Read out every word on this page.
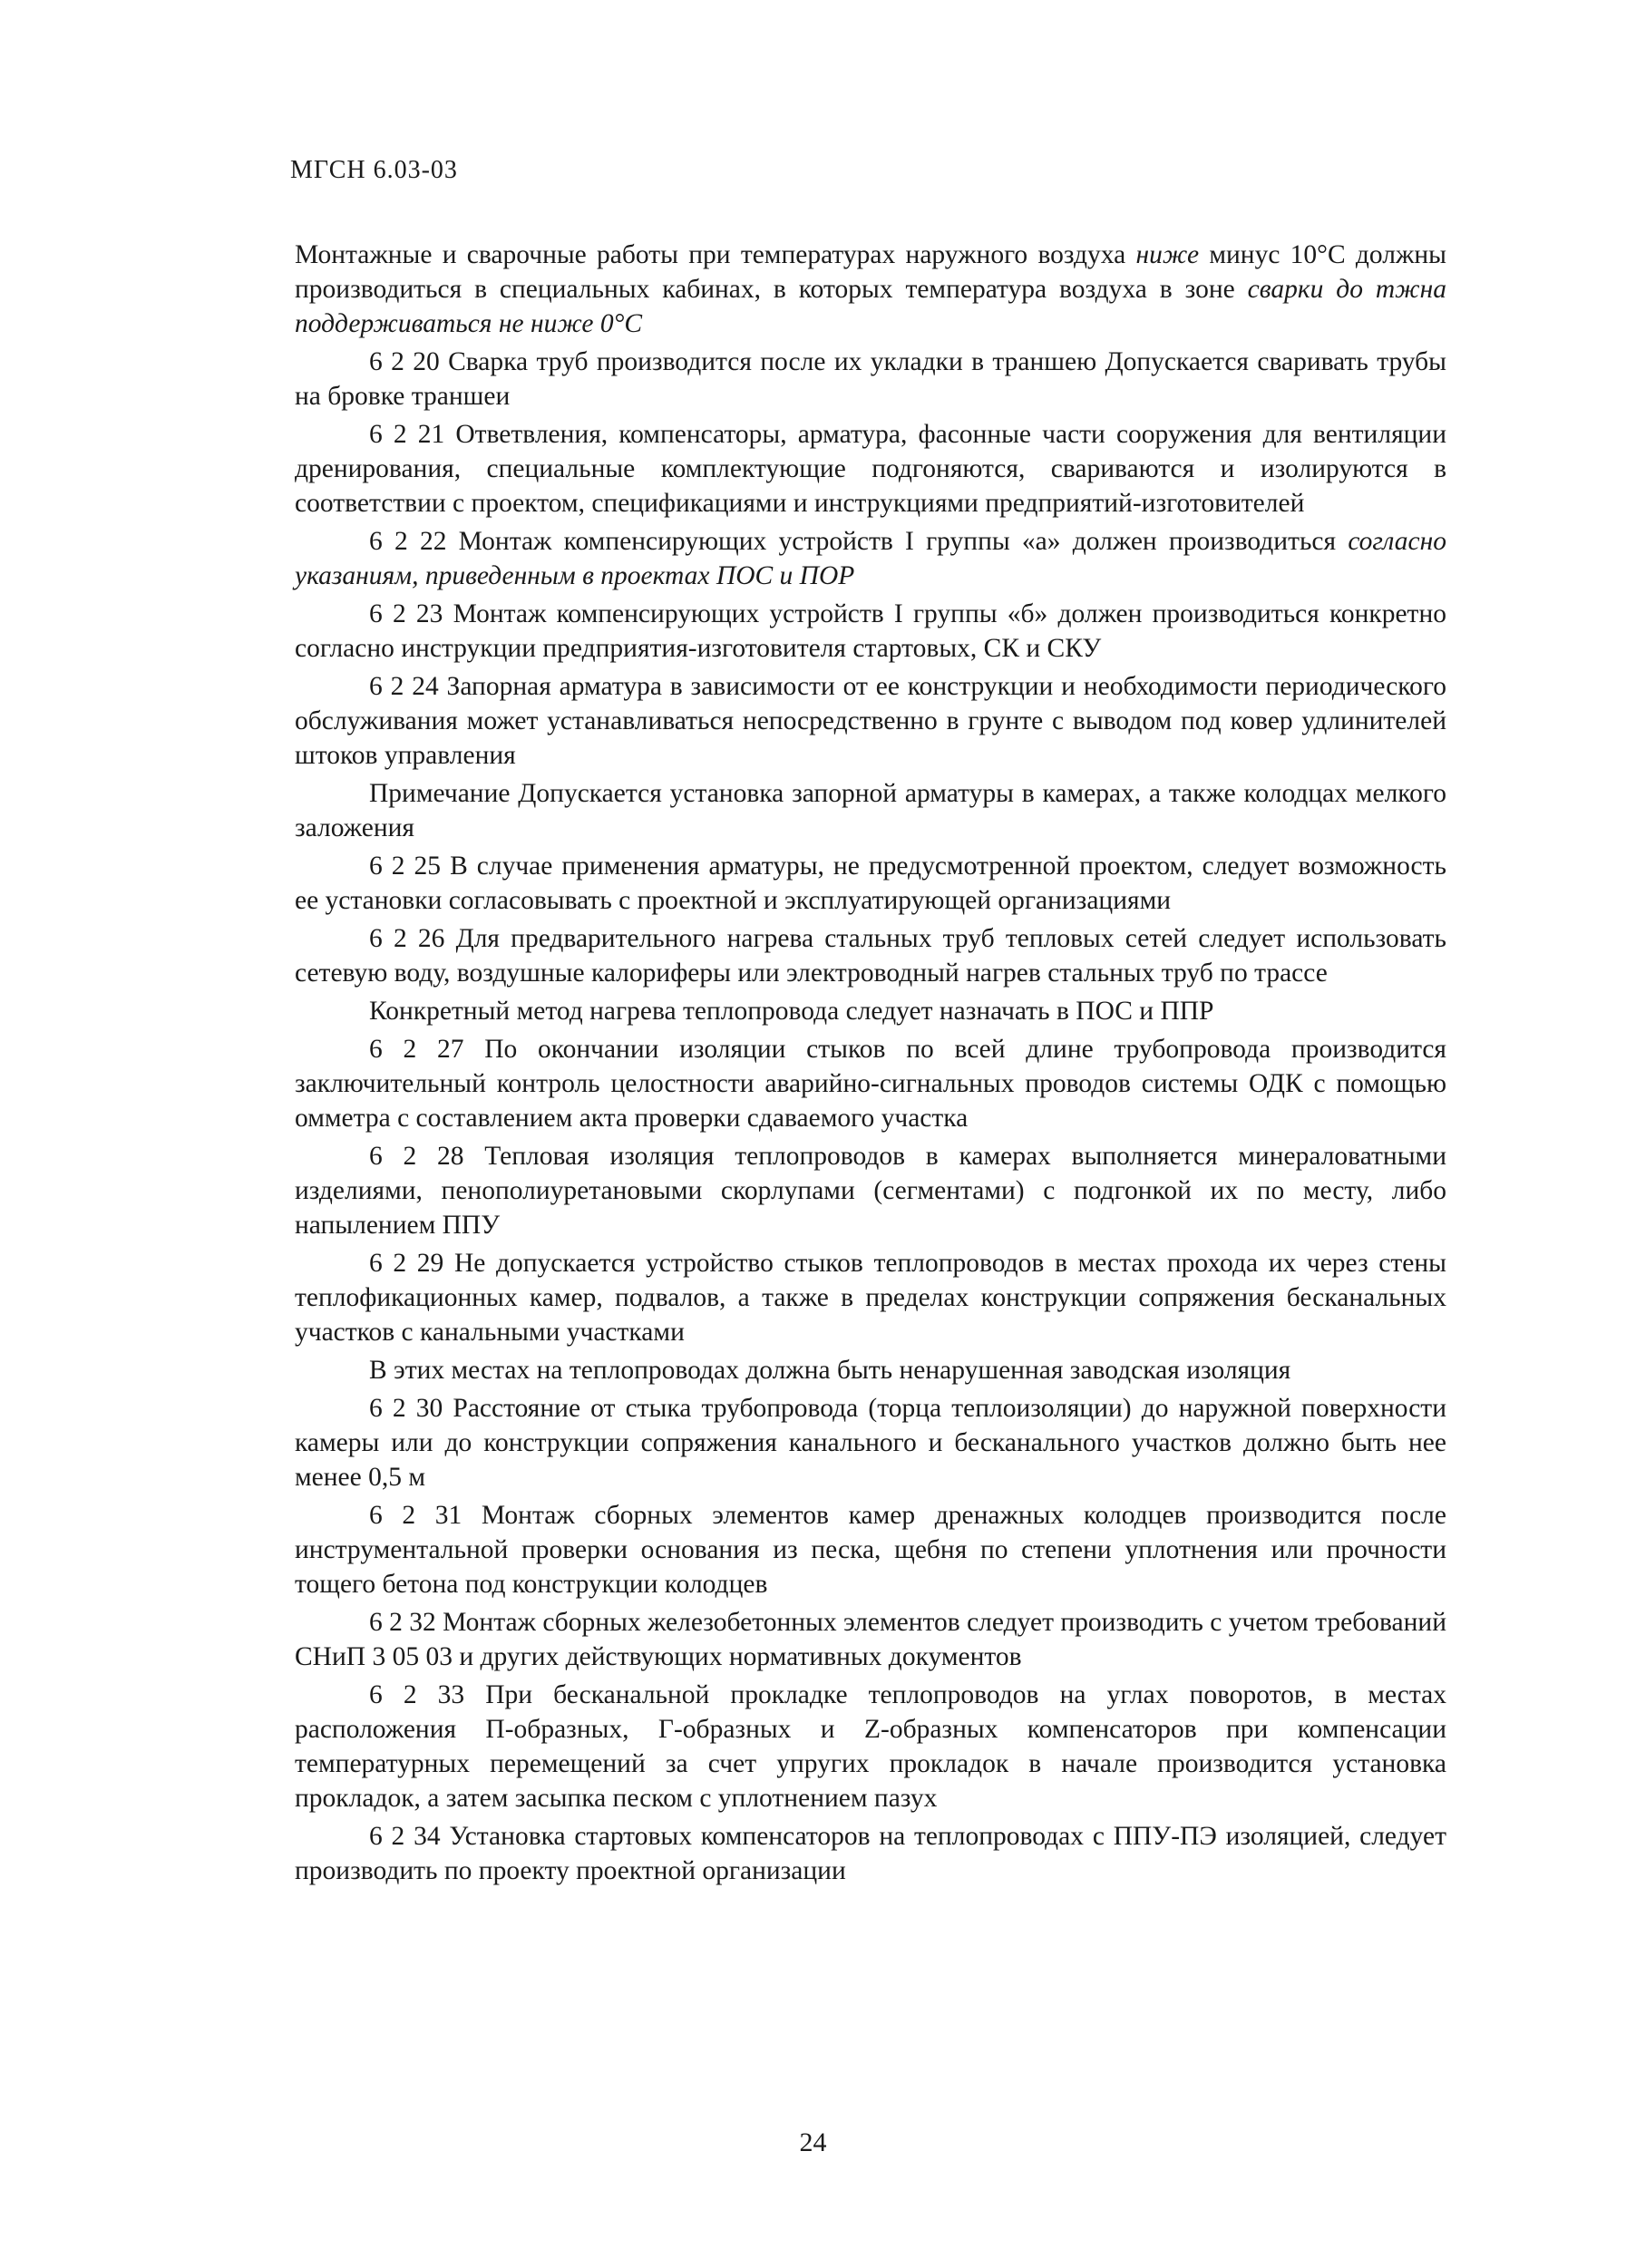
МГСН 6.03-03

Монтажные и сварочные работы при температурах наружного воздуха ниже минус 10°С должны производиться в специальных кабинах, в которых температура воздуха в зоне сварки до тжна поддерживаться не ниже 0°С

6 2 20 Сварка труб производится после их укладки в траншею Допускается сваривать трубы на бровке траншеи

6 2 21 Ответвления, компенсаторы, арматура, фасонные части сооружения для вентиляции дренирования, специальные комплектующие подгоняются, свариваются и изолируются в соответствии с проектом, спецификациями и инструкциями предприятий-изготовителей

6 2 22 Монтаж компенсирующих устройств I группы «а» должен производиться согласно указаниям, приведенным в проектах ПОС и ПОР

6 2 23 Монтаж компенсирующих устройств I группы «б» должен производиться конкретно согласно инструкции предприятия-изготовителя стартовых, СК и СКУ

6 2 24 Запорная арматура в зависимости от ее конструкции и необходимости периодического обслуживания может устанавливаться непосредственно в грунте с выводом под ковер удлинителей штоков управления

Примечание Допускается установка запорной арматуры в камерах, а также колодцах мелкого заложения

6 2 25 В случае применения арматуры, не предусмотренной проектом, следует возможность ее установки согласовывать с проектной и эксплуатирующей организациями

6 2 26 Для предварительного нагрева стальных труб тепловых сетей следует использовать сетевую воду, воздушные калориферы или электроводный нагрев стальных труб по трассе

Конкретный метод нагрева теплопровода следует назначать в ПОС и ППР

6 2 27 По окончании изоляции стыков по всей длине трубопровода производится заключительный контроль целостности аварийно-сигнальных проводов системы ОДК с помощью омметра с составлением акта проверки сдаваемого участка

6 2 28 Тепловая изоляция теплопроводов в камерах выполняется минераловатными изделиями, пенополиуретановыми скорлупами (сегментами) с подгонкой их по месту, либо напылением ППУ

6 2 29 Не допускается устройство стыков теплопроводов в местах прохода их через стены теплофикационных камер, подвалов, а также в пределах конструкции сопряжения бесканальных участков с канальными участками

В этих местах на теплопроводах должна быть ненарушенная заводская изоляция

6 2 30 Расстояние от стыка трубопровода (торца теплоизоляции) до наружной поверхности камеры или до конструкции сопряжения канального и бесканального участков должно быть нее менее 0,5 м

6 2 31 Монтаж сборных элементов камер дренажных колодцев производится после инструментальной проверки основания из песка, щебня по степени уплотнения или прочности тощего бетона под конструкции колодцев

6 2 32 Монтаж сборных железобетонных элементов следует производить с учетом требований СНиП 3 05 03 и других действующих нормативных документов

6 2 33 При бесканальной прокладке теплопроводов на углах поворотов, в местах расположения П-образных, Г-образных и Z-образных компенсаторов при компенсации температурных перемещений за счет упругих прокладок в начале производится установка прокладок, а затем засыпка песком с уплотнением пазух

6 2 34 Установка стартовых компенсаторов на теплопроводах с ППУ-ПЭ изоляцией, следует производить по проекту проектной организации

24
